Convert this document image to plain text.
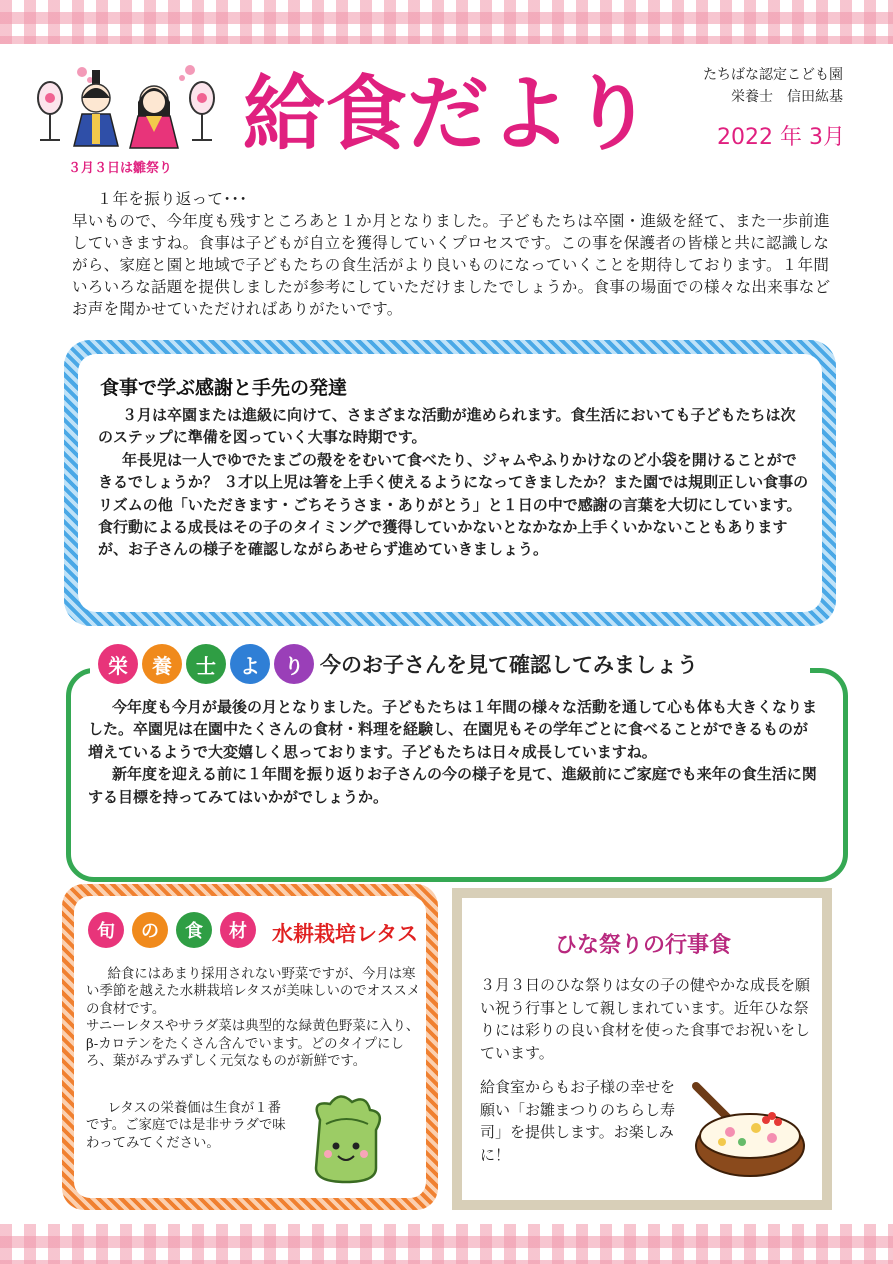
３月３日は雛祭り
給食だより	たちばな認定こども園
栄養士　信田紘基
2022 年 3月

１年を振り返って･･･

早いもので、今年度も残すところあと１か月となりました。子どもたちは卒園・進級を経て、また一歩前進していきますね。食事は子どもが自立を獲得していくプロセスです。この事を保護者の皆様と共に認識しながら、家庭と園と地域で子どもたちの食生活がより良いものになっていくことを期待しております。１年間いろいろな話題を提供しましたが参考にしていただけましたでしょうか。食事の場面での様々な出来事などお声を聞かせていただければありがたいです。

食事で学ぶ感謝と手先の発達

３月は卒園または進級に向けて、さまざまな活動が進められます。食生活においても子どもたちは次のステップに準備を図っていく大事な時期です。

年長児は一人でゆでたまごの殻ををむいて食べたり、ジャムやふりかけなのど小袋を開けることができるでしょうか？ ３才以上児は箸を上手く使えるようになってきましたか？また園では規則正しい食事のリズムの他「いただきます・ごちそうさま・ありがとう」と１日の中で感謝の言葉を大切にしています。食行動による成長はその子のタイミングで獲得していかないとなかなか上手くいかないこともありますが、お子さんの様子を確認しながらあせらず進めていきましょう。

栄	養	士	よ	り 今のお子さんを見て確認してみましょう

今年度も今月が最後の月となりました。子どもたちは１年間の様々な活動を通して心も体も大きくなりました。卒園児は在園中たくさんの食材・料理を経験し、在園児もその学年ごとに食べることができるものが増えているようで大変嬉しく思っております。子どもたちは日々成長していますね。

新年度を迎える前に１年間を振り返りお子さんの今の様子を見て、進級前にご家庭でも来年の食生活に関する目標を持ってみてはいかがでしょうか。

旬	の	食	材	水耕栽培レタス

給食にはあまり採用されない野菜ですが、今月は寒い季節を越えた水耕栽培レタスが美味しいのでオススメの食材です。

サニーレタスやサラダ菜は典型的な緑黄色野菜に入り、β‐カロテンをたくさん含んでいます。どのタイプにしろ、葉がみずみずしく元気なものが新鮮です。

レタスの栄養価は生食が１番です。ご家庭では是非サラダで味わってみてください。

ひな祭りの行事食

３月３日のひな祭りは女の子の健やかな成長を願い祝う行事として親しまれています。近年ひな祭りには彩りの良い食材を使った食事でお祝いをしています。

給食室からもお子様の幸せを願い「お雛まつりのちらし寿司」を提供します。お楽しみに！
